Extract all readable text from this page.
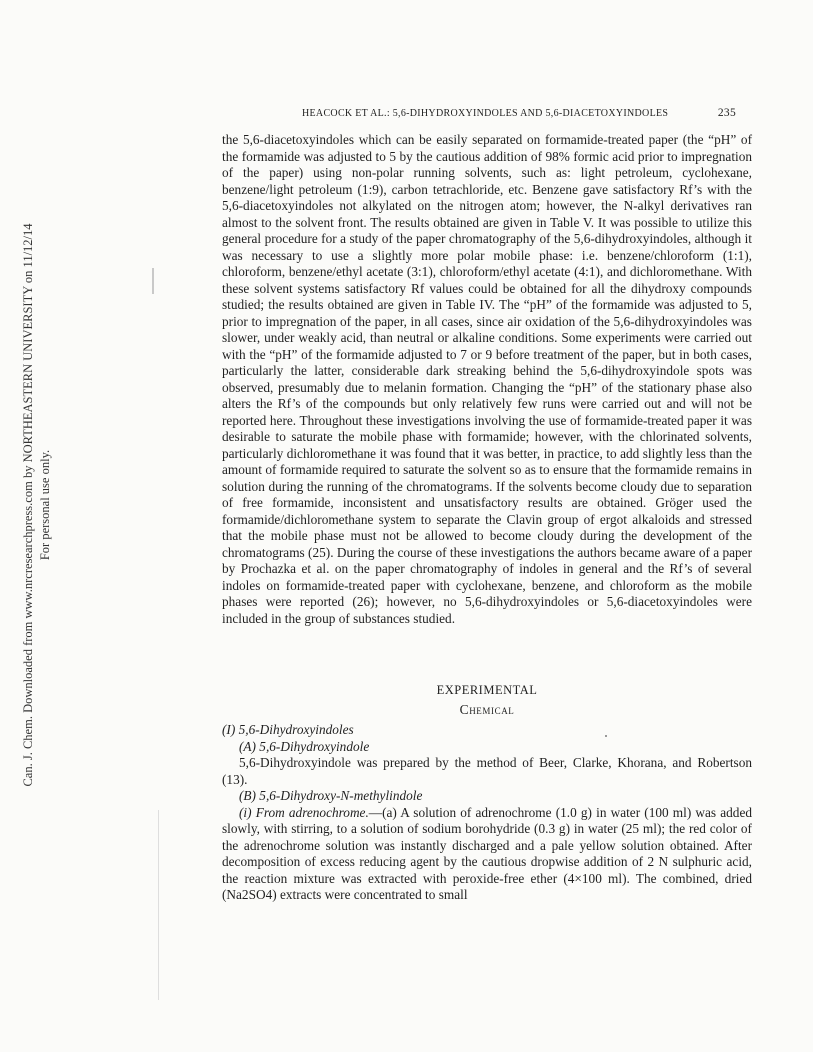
Can. J. Chem. Downloaded from www.nrcresearchpress.com by NORTHEASTERN UNIVERSITY on 11/12/14 For personal use only.
HEACOCK ET AL.: 5,6-DIHYDROXYINDOLES AND 5,6-DIACETOXYINDOLES	235

the 5,6-diacetoxyindoles which can be easily separated on formamide-treated paper (the “pH” of the formamide was adjusted to 5 by the cautious addition of 98% formic acid prior to impregnation of the paper) using non-polar running solvents, such as: light petroleum, cyclohexane, benzene/light petroleum (1:9), carbon tetrachloride, etc. Benzene gave satisfactory Rf’s with the 5,6-diacetoxyindoles not alkylated on the nitrogen atom; however, the N-alkyl derivatives ran almost to the solvent front. The results obtained are given in Table V. It was possible to utilize this general procedure for a study of the paper chromatography of the 5,6-dihydroxyindoles, although it was necessary to use a slightly more polar mobile phase: i.e. benzene/chloroform (1:1), chloroform, benzene/ethyl acetate (3:1), chloroform/ethyl acetate (4:1), and dichloromethane. With these solvent systems satisfactory Rf values could be obtained for all the dihydroxy compounds studied; the results obtained are given in Table IV. The “pH” of the formamide was adjusted to 5, prior to impregnation of the paper, in all cases, since air oxidation of the 5,6-dihydroxyindoles was slower, under weakly acid, than neutral or alkaline conditions. Some experiments were carried out with the “pH” of the formamide adjusted to 7 or 9 before treatment of the paper, but in both cases, particularly the latter, considerable dark streaking behind the 5,6-dihydroxyindole spots was observed, presumably due to melanin formation. Changing the “pH” of the stationary phase also alters the Rf’s of the compounds but only relatively few runs were carried out and will not be reported here. Throughout these investigations involving the use of formamide-treated paper it was desirable to saturate the mobile phase with formamide; however, with the chlorinated solvents, particularly dichloromethane it was found that it was better, in practice, to add slightly less than the amount of formamide required to saturate the solvent so as to ensure that the formamide remains in solution during the running of the chromatograms. If the solvents become cloudy due to separation of free formamide, inconsistent and unsatisfactory results are obtained. Gröger used the formamide/dichloromethane system to separate the Clavin group of ergot alkaloids and stressed that the mobile phase must not be allowed to become cloudy during the development of the chromatograms (25). During the course of these investigations the authors became aware of a paper by Prochazka et al. on the paper chromatography of indoles in general and the Rf’s of several indoles on formamide-treated paper with cyclohexane, benzene, and chloroform as the mobile phases were reported (26); however, no 5,6-dihydroxyindoles or 5,6-diacetoxyindoles were included in the group of substances studied.

EXPERIMENTAL
Chemical

(I) 5,6-Dihydroxyindoles

(A) 5,6-Dihydroxyindole

5,6-Dihydroxyindole was prepared by the method of Beer, Clarke, Khorana, and Robertson (13).

(B) 5,6-Dihydroxy-N-methylindole

(i) From adrenochrome.—(a) A solution of adrenochrome (1.0 g) in water (100 ml) was added slowly, with stirring, to a solution of sodium borohydride (0.3 g) in water (25 ml); the red color of the adrenochrome solution was instantly discharged and a pale yellow solution obtained. After decomposition of excess reducing agent by the cautious dropwise addition of 2 N sulphuric acid, the reaction mixture was extracted with peroxide-free ether (4×100 ml). The combined, dried (Na2SO4) extracts were concentrated to small
